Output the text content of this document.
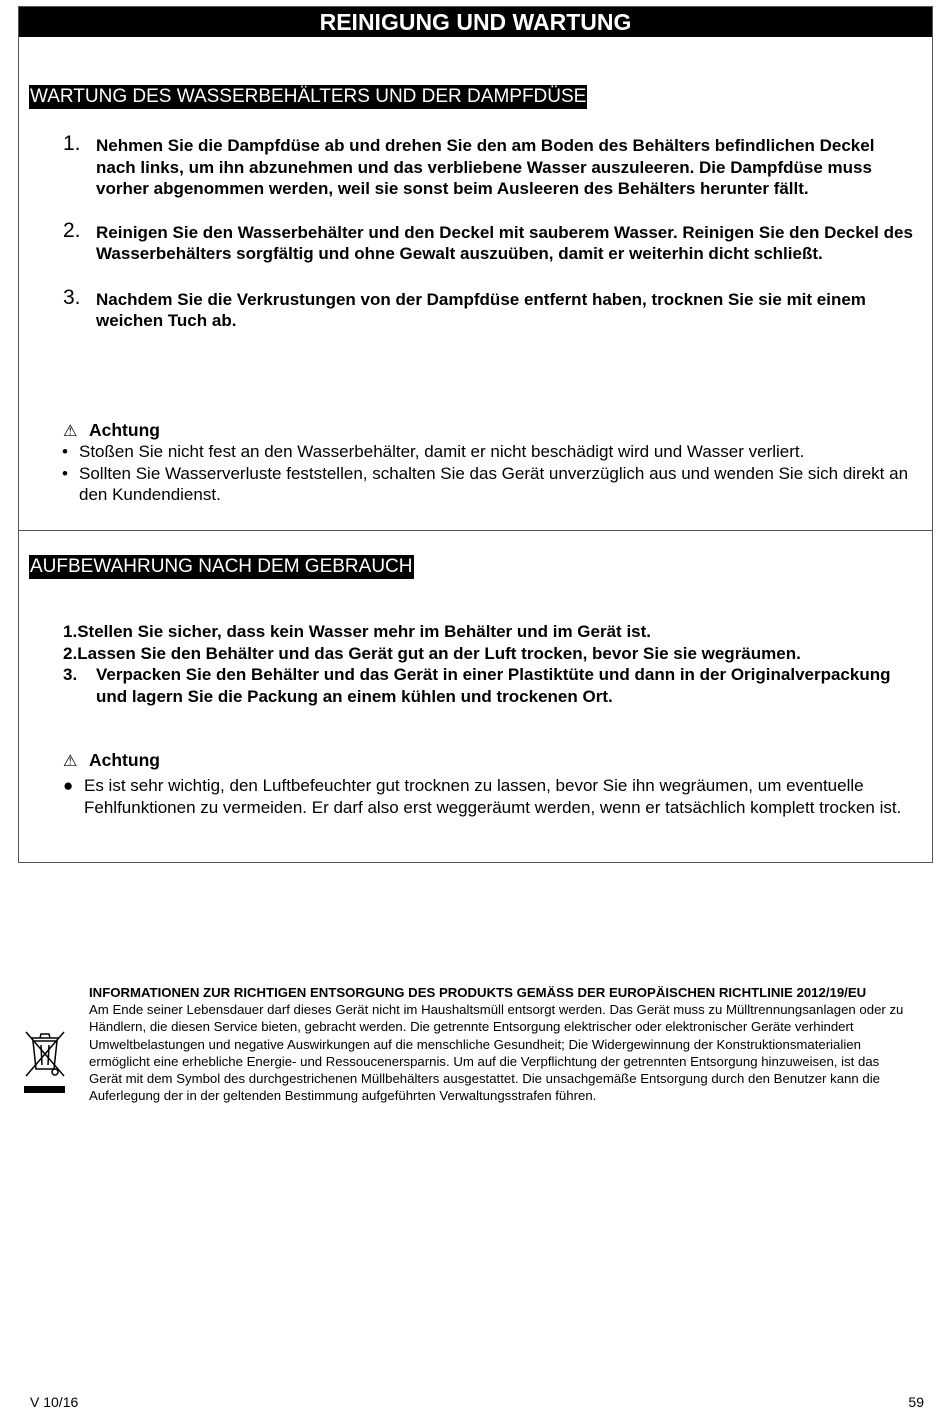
REINIGUNG UND WARTUNG
WARTUNG DES WASSERBEHÄLTERS UND DER DAMPFDÜSE
1. Nehmen Sie die Dampfdüse ab und drehen Sie den am Boden des Behälters befindlichen Deckel nach links, um ihn abzunehmen und das verbliebene Wasser auszuleeren. Die Dampfdüse muss vorher abgenommen werden, weil sie sonst beim Ausleeren des Behälters herunter fällt.
2. Reinigen Sie den Wasserbehälter und den Deckel mit sauberem Wasser. Reinigen Sie den Deckel des Wasserbehälters sorgfältig und ohne Gewalt auszuüben, damit er weiterhin dicht schließt.
3. Nachdem Sie die Verkrustungen von der Dampfdüse entfernt haben, trocknen Sie sie mit einem weichen Tuch ab.
⚠ Achtung
• Stoßen Sie nicht fest an den Wasserbehälter, damit er nicht beschädigt wird und Wasser verliert.
• Sollten Sie Wasserverluste feststellen, schalten Sie das Gerät unverzüglich aus und wenden Sie sich direkt an den Kundendienst.
AUFBEWAHRUNG NACH DEM GEBRAUCH
1.Stellen Sie sicher, dass kein Wasser mehr im Behälter und im Gerät ist.
2.Lassen Sie den Behälter und das Gerät gut an der Luft trocken, bevor Sie sie wegräumen.
3. Verpacken Sie den Behälter und das Gerät in einer Plastiktüte und dann in der Originalverpackung und lagern Sie die Packung an einem kühlen und trockenen Ort.
⚠ Achtung
● Es ist sehr wichtig, den Luftbefeuchter gut trocknen zu lassen, bevor Sie ihn wegräumen, um eventuelle Fehlfunktionen zu vermeiden. Er darf also erst weggeräumt werden, wenn er tatsächlich komplett trocken ist.
INFORMATIONEN ZUR RICHTIGEN ENTSORGUNG DES PRODUKTS GEMÄSS DER EUROPÄISCHEN RICHTLINIE 2012/19/EU
Am Ende seiner Lebensdauer darf dieses Gerät nicht im Haushaltsmüll entsorgt werden. Das Gerät muss zu Mülltrennungsanlagen oder zu Händlern, die diesen Service bieten, gebracht werden. Die getrennte Entsorgung elektrischer oder elektronischer Geräte verhindert Umweltbelastungen und negative Auswirkungen auf die menschliche Gesundheit; Die Widergewinnung der Konstruktionsmaterialien ermöglicht eine erhebliche Energie- und Ressoucenersparnis. Um auf die Verpflichtung der getrennten Entsorgung hinzuweisen, ist das Gerät mit dem Symbol des durchgestrichenen Müllbehälters ausgestattet. Die unsachgemäße Entsorgung durch den Benutzer kann die Auferlegung der in der geltenden Bestimmung aufgeführten Verwaltungsstrafen führen.
V 10/16	59
